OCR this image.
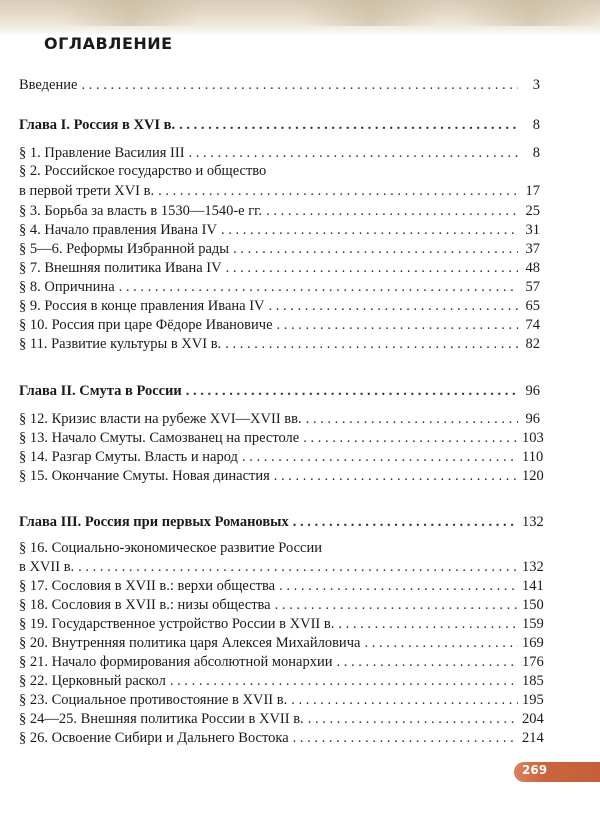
ОГЛАВЛЕНИЕ
Введение . . .	3
Глава I. Россия в XVI в. . . .	8
§ 1. Правление Василия III . . .	8
§ 2. Российское государство и общество
в первой трети XVI в. . . .	17
§ 3. Борьба за власть в 1530—1540-е гг. . . .	25
§ 4. Начало правления Ивана IV . . .	31
§ 5—6. Реформы Избранной рады . . .	37
§ 7. Внешняя политика Ивана IV . . .	48
§ 8. Опричнина . . .	57
§ 9. Россия в конце правления Ивана IV . . .	65
§ 10. Россия при царе Фёдоре Ивановиче . . .	74
§ 11. Развитие культуры в XVI в. . . .	82
Глава II. Смута в России . . .	96
§ 12. Кризис власти на рубеже XVI—XVII вв. . . .	96
§ 13. Начало Смуты. Самозванец на престоле . . .	103
§ 14. Разгар Смуты. Власть и народ . . .	110
§ 15. Окончание Смуты. Новая династия . . .	120
Глава III. Россия при первых Романовых . . .	132
§ 16. Социально-экономическое развитие России
в XVII в. . . .	132
§ 17. Сословия в XVII в.: верхи общества . . .	141
§ 18. Сословия в XVII в.: низы общества . . .	150
§ 19. Государственное устройство России в XVII в. . . .	159
§ 20. Внутренняя политика царя Алексея Михайловича . . .	169
§ 21. Начало формирования абсолютной монархии . . .	176
§ 22. Церковный раскол . . .	185
§ 23. Социальное противостояние в XVII в. . . .	195
§ 24—25. Внешняя политика России в XVII в. . . .	204
§ 26. Освоение Сибири и Дальнего Востока . . .	214
269
